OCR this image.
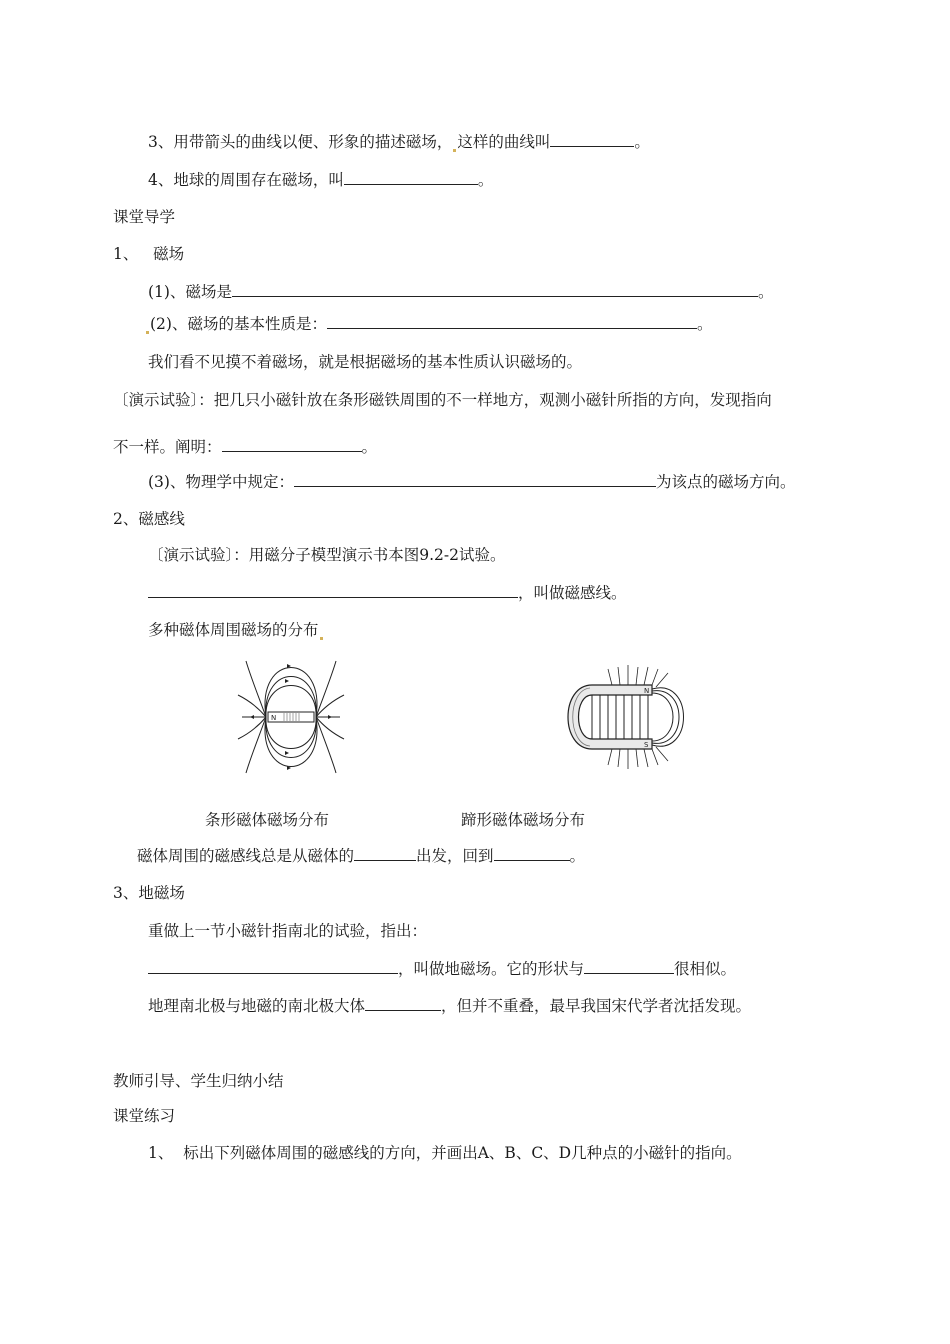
3、用带箭头的曲线以便、形象的描述磁场， 这样的曲线叫	。
4、地球的周围存在磁场，叫	。
课堂导学
1、 磁场
(1)、磁场是	。
(2)、磁场的基本性质是：	。
我们看不见摸不着磁场，就是根据磁场的基本性质认识磁场的。
〔演示试验〕：把几只小磁针放在条形磁铁周围的不一样地方，观测小磁针所指的方向，发现指向
不一样。阐明：	。
(3)、物理学中规定：	为该点的磁场方向。
2、磁感线
〔演示试验〕：用磁分子模型演示书本图9.2-2试验。
，叫做磁感线。
多种磁体周围磁场的分布
N
N
S
条形磁体磁场分布	蹄形磁体磁场分布
磁体周围的磁感线总是从磁体的	出发，回到	。
3、地磁场
重做上一节小磁针指南北的试验，指出：
，叫做地磁场。它的形状与	很相似。
地理南北极与地磁的南北极大体	，但并不重叠，最早我国宋代学者沈括发现。
教师引导、学生归纳小结
课堂练习
1、 标出下列磁体周围的磁感线的方向，并画出A、B、C、D几种点的小磁针的指向。
